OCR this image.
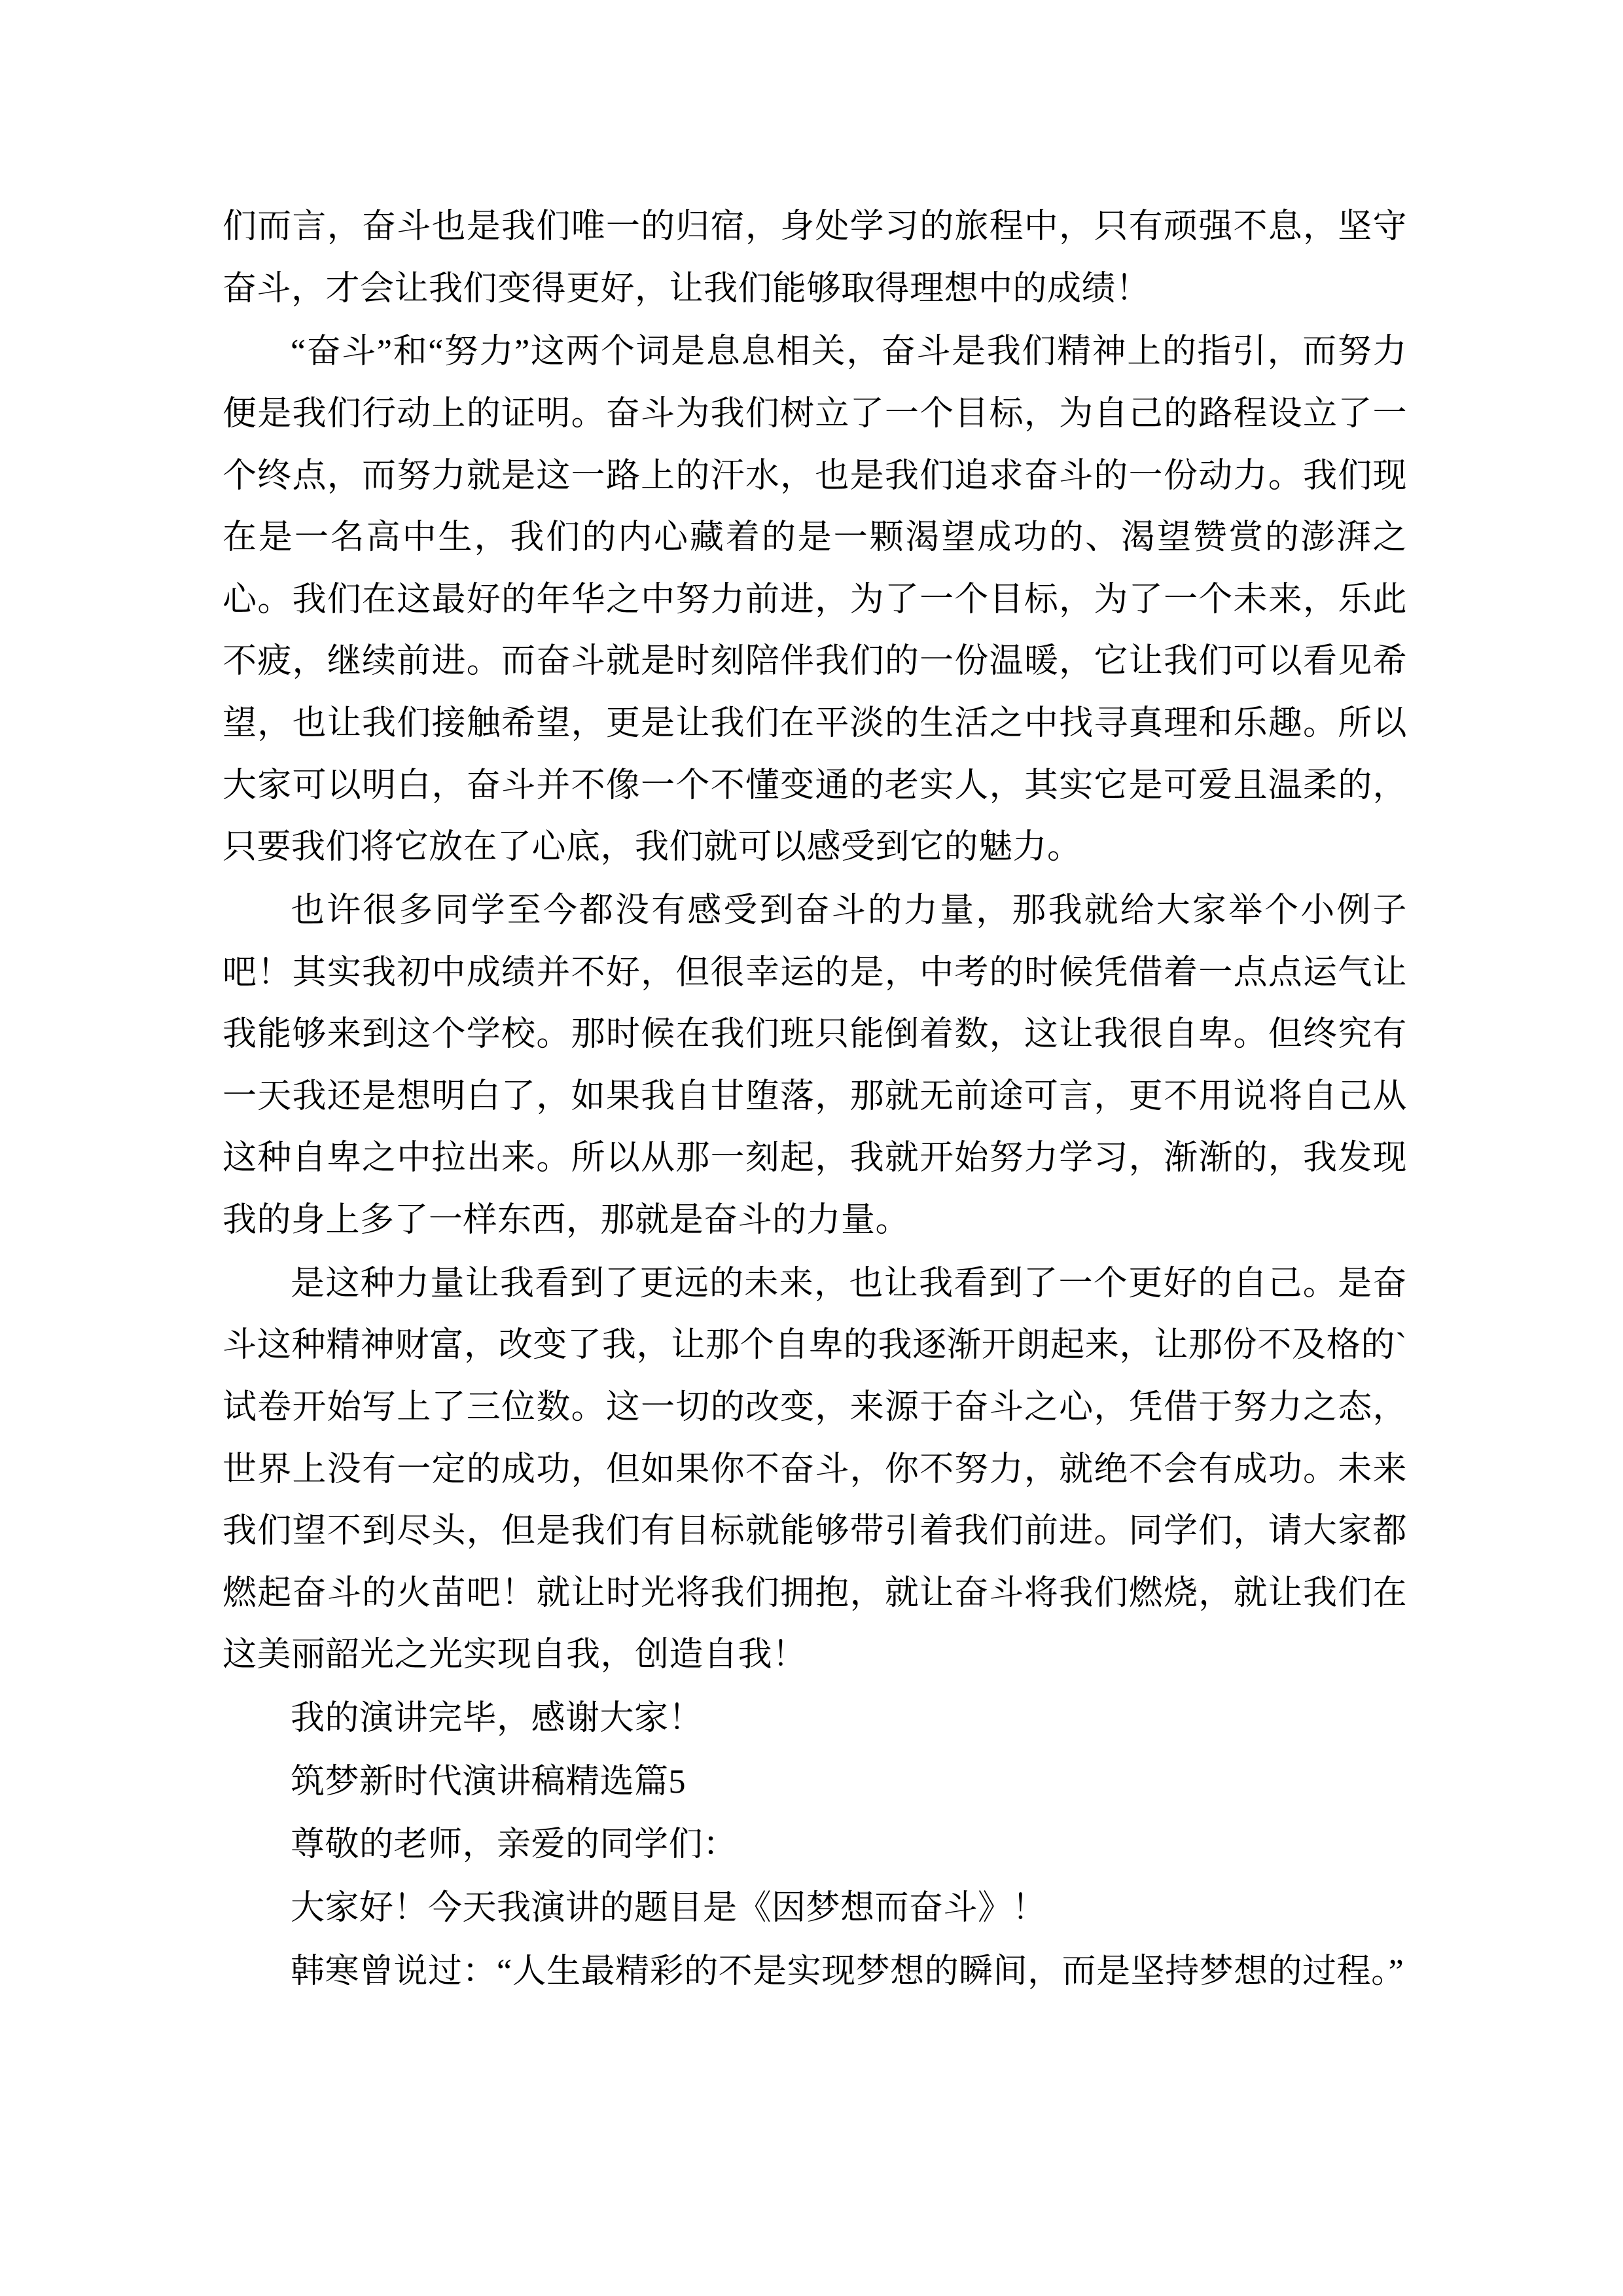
们而言，奋斗也是我们唯一的归宿，身处学习的旅程中，只有顽强不息，坚守奋斗，才会让我们变得更好，让我们能够取得理想中的成绩！

“奋斗”和“努力”这两个词是息息相关，奋斗是我们精神上的指引，而努力便是我们行动上的证明。奋斗为我们树立了一个目标，为自己的路程设立了一个终点，而努力就是这一路上的汗水，也是我们追求奋斗的一份动力。我们现在是一名高中生，我们的内心藏着的是一颗渴望成功的、渴望赞赏的澎湃之心。我们在这最好的年华之中努力前进，为了一个目标，为了一个未来，乐此不疲，继续前进。而奋斗就是时刻陪伴我们的一份温暖，它让我们可以看见希望，也让我们接触希望，更是让我们在平淡的生活之中找寻真理和乐趣。所以大家可以明白，奋斗并不像一个不懂变通的老实人，其实它是可爱且温柔的，只要我们将它放在了心底，我们就可以感受到它的魅力。

也许很多同学至今都没有感受到奋斗的力量，那我就给大家举个小例子吧！其实我初中成绩并不好，但很幸运的是，中考的时候凭借着一点点运气让我能够来到这个学校。那时候在我们班只能倒着数，这让我很自卑。但终究有一天我还是想明白了，如果我自甘堕落，那就无前途可言，更不用说将自己从这种自卑之中拉出来。所以从那一刻起，我就开始努力学习，渐渐的，我发现我的身上多了一样东西，那就是奋斗的力量。

是这种力量让我看到了更远的未来，也让我看到了一个更好的自己。是奋斗这种精神财富，改变了我，让那个自卑的我逐渐开朗起来，让那份不及格的`试卷开始写上了三位数。这一切的改变，来源于奋斗之心，凭借于努力之态，世界上没有一定的成功，但如果你不奋斗，你不努力，就绝不会有成功。未来我们望不到尽头，但是我们有目标就能够带引着我们前进。同学们，请大家都燃起奋斗的火苗吧！就让时光将我们拥抱，就让奋斗将我们燃烧，就让我们在这美丽韶光之光实现自我，创造自我！

我的演讲完毕，感谢大家！

筑梦新时代演讲稿精选篇5

尊敬的老师，亲爱的同学们：

大家好！今天我演讲的题目是《因梦想而奋斗》！

韩寒曾说过：“人生最精彩的不是实现梦想的瞬间，而是坚持梦想的过程。”
